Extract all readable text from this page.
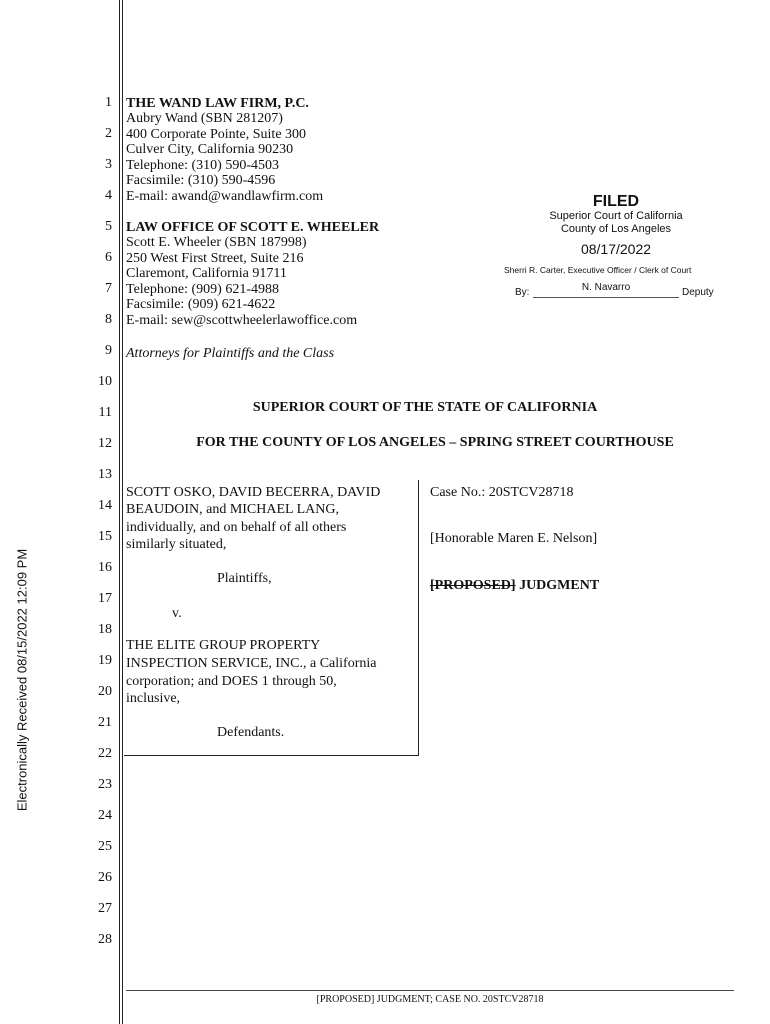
Electronically Received 08/15/2022 12:09 PM
1
2
3
4
5
6
7
8
9
10
11
12
13
14
15
16
17
18
19
20
21
22
23
24
25
26
27
28
THE WAND LAW FIRM, P.C.
Aubry Wand (SBN 281207)
400 Corporate Pointe, Suite 300
Culver City, California 90230
Telephone: (310) 590-4503
Facsimile: (310) 590-4596
E-mail: awand@wandlawfirm.com
LAW OFFICE OF SCOTT E. WHEELER
Scott E. Wheeler (SBN 187998)
250 West First Street, Suite 216
Claremont, California 91711
Telephone: (909) 621-4988
Facsimile: (909) 621-4622
E-mail: sew@scottwheelerlawoffice.com
Attorneys for Plaintiffs and the Class
FILED
Superior Court of California
County of Los Angeles
08/17/2022
Sherri R. Carter, Executive Officer / Clerk of Court
By:	N. Navarro	Deputy
SUPERIOR COURT OF THE STATE OF CALIFORNIA
FOR THE COUNTY OF LOS ANGELES – SPRING STREET COURTHOUSE
SCOTT OSKO, DAVID BECERRA, DAVID
BEAUDOIN, and MICHAEL LANG,
individually, and on behalf of all others
similarly situated,
Plaintiffs,
v.
THE ELITE GROUP PROPERTY
INSPECTION SERVICE, INC., a California
corporation; and DOES 1 through 50,
inclusive,
Defendants.
Case No.: 20STCV28718
[Honorable Maren E. Nelson]
[PROPOSED] JUDGMENT
[PROPOSED] JUDGMENT; CASE NO. 20STCV28718
